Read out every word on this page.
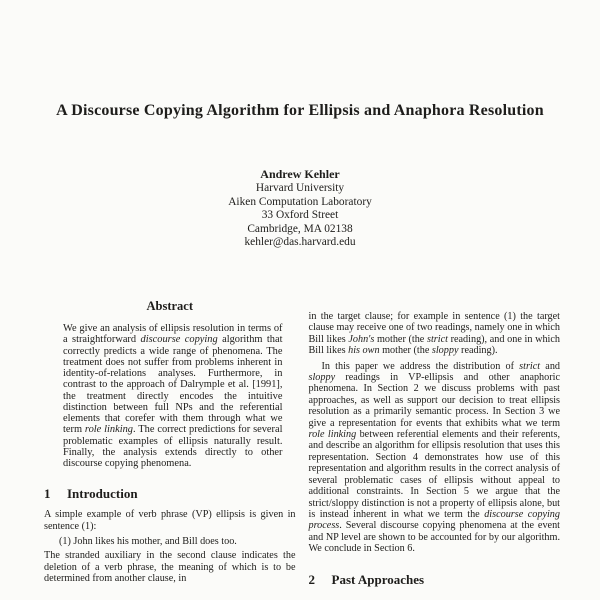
A Discourse Copying Algorithm for Ellipsis and Anaphora Resolution
Andrew Kehler
Harvard University
Aiken Computation Laboratory
33 Oxford Street
Cambridge, MA 02138
kehler@das.harvard.edu
Abstract

We give an analysis of ellipsis resolution in terms of a straightforward discourse copying algorithm that correctly predicts a wide range of phenomena. The treatment does not suffer from problems inherent in identity-of-relations analyses. Furthermore, in contrast to the approach of Dalrymple et al. [1991], the treatment directly encodes the intuitive distinction between full NPs and the referential elements that corefer with them through what we term role linking. The correct predictions for several problematic examples of ellipsis naturally result. Finally, the analysis extends directly to other discourse copying phenomena.

1	Introduction

A simple example of verb phrase (VP) ellipsis is given in sentence (1):

(1) John likes his mother, and Bill does too.

The stranded auxiliary in the second clause indicates the deletion of a verb phrase, the meaning of which is to be determined from another clause, in

in the target clause; for example in sentence (1) the target clause may receive one of two readings, namely one in which Bill likes John's mother (the strict reading), and one in which Bill likes his own mother (the sloppy reading).

In this paper we address the distribution of strict and sloppy readings in VP-ellipsis and other anaphoric phenomena. In Section 2 we discuss problems with past approaches, as well as support our decision to treat ellipsis resolution as a primarily semantic process. In Section 3 we give a representation for events that exhibits what we term role linking between referential elements and their referents, and describe an algorithm for ellipsis resolution that uses this representation. Section 4 demonstrates how use of this representation and algorithm results in the correct analysis of several problematic cases of ellipsis without appeal to additional constraints. In Section 5 we argue that the strict/sloppy distinction is not a property of ellipsis alone, but is instead inherent in what we term the discourse copying process. Several discourse copying phenomena at the event and NP level are shown to be accounted for by our algorithm. We conclude in Section 6.

2	Past Approaches
